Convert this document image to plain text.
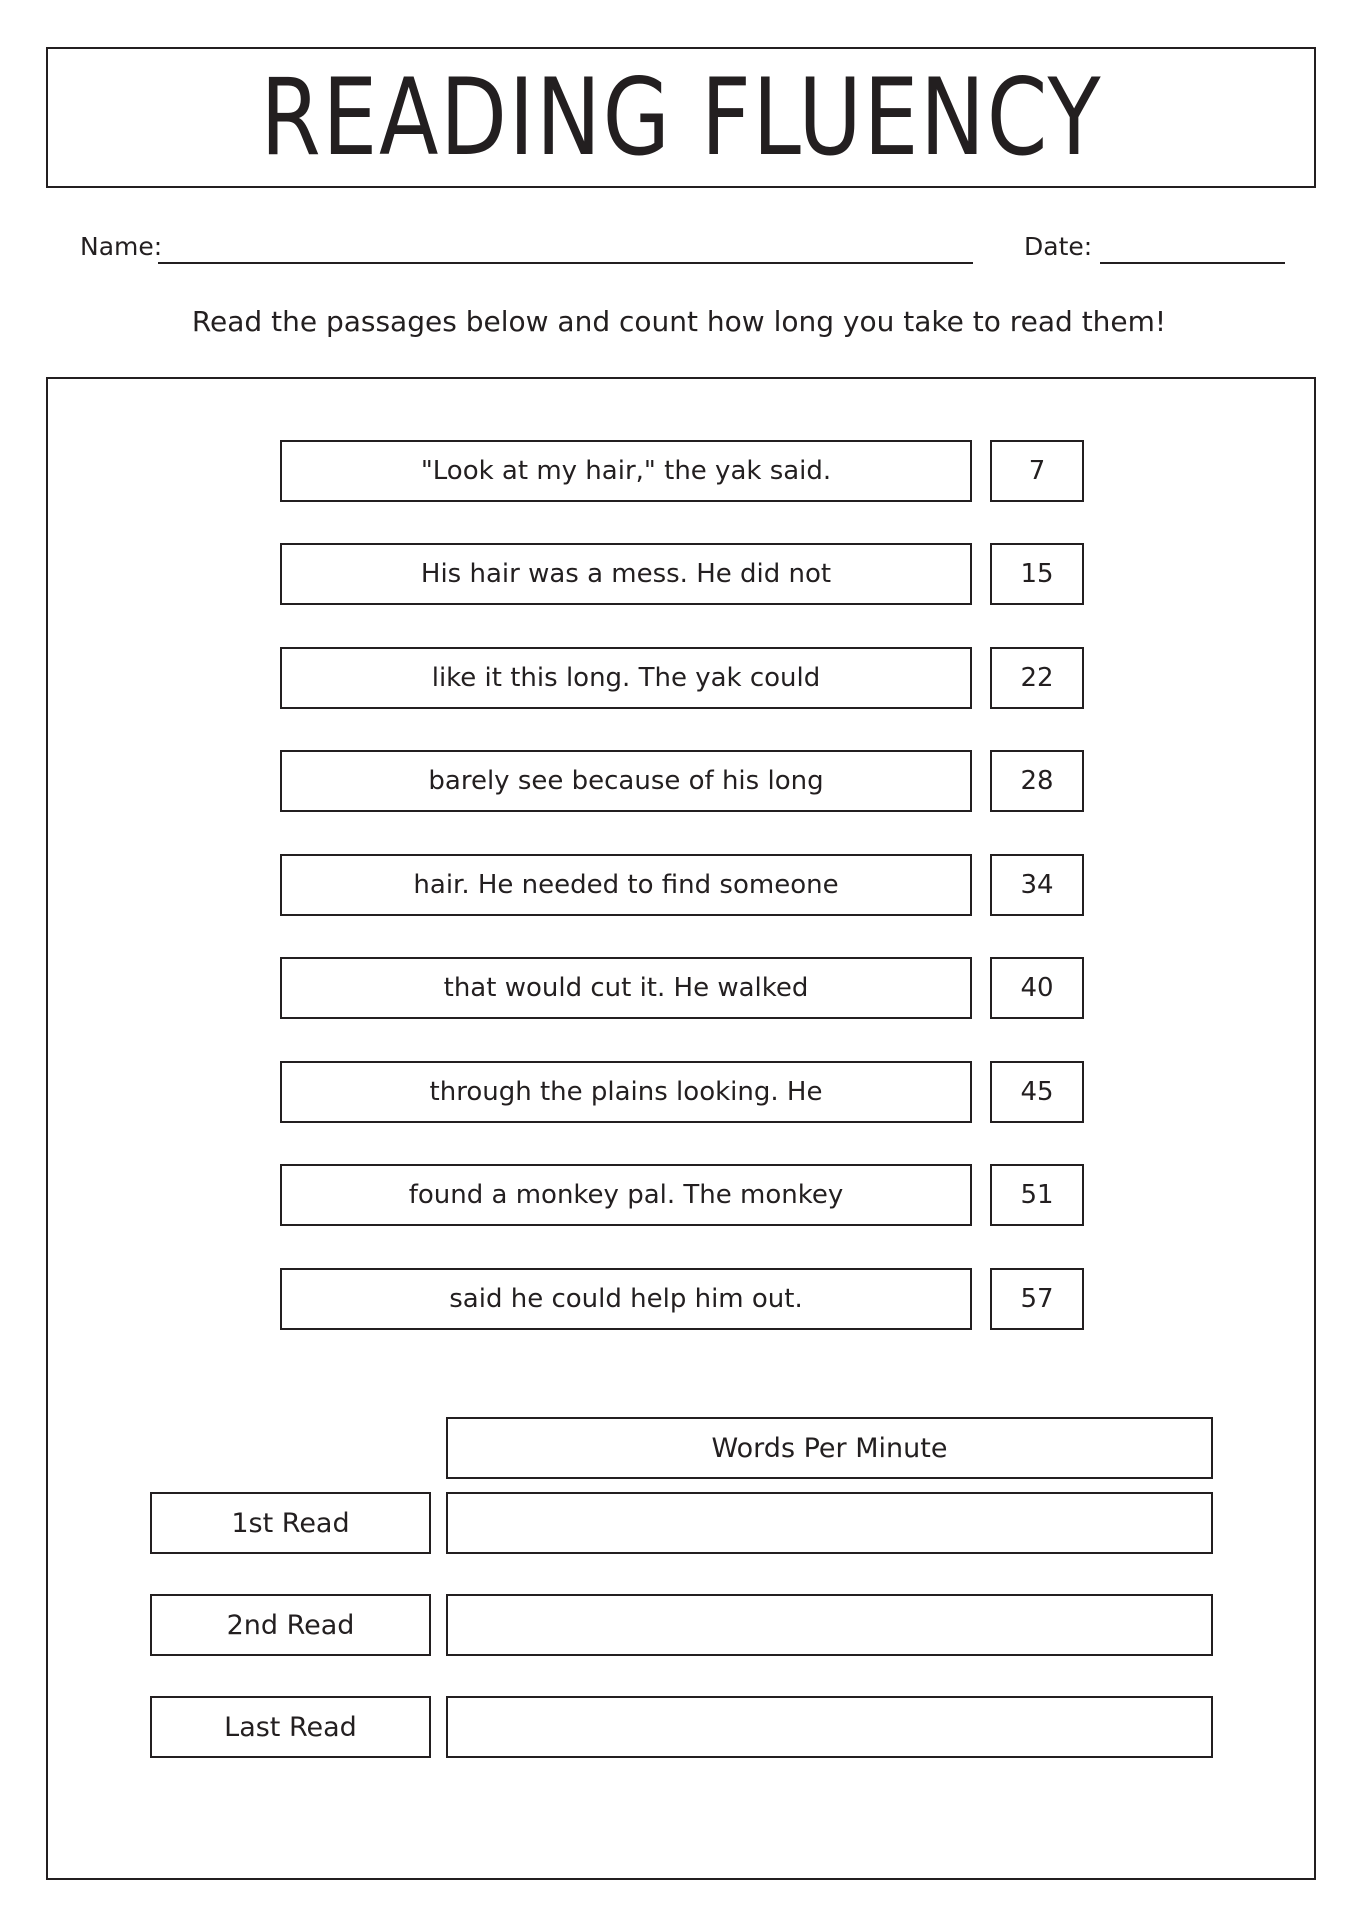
READING FLUENCY
Name:	Date:
Read the passages below and count how long you take to read them!
"Look at my hair," the yak said.	7
His hair was a mess. He did not	15
like it this long. The yak could	22
barely see because of his long	28
hair. He needed to find someone	34
that would cut it. He walked	40
through the plains looking. He	45
found a monkey pal. The monkey	51
said he could help him out.	57
Words Per Minute
1st Read
2nd Read
Last Read
